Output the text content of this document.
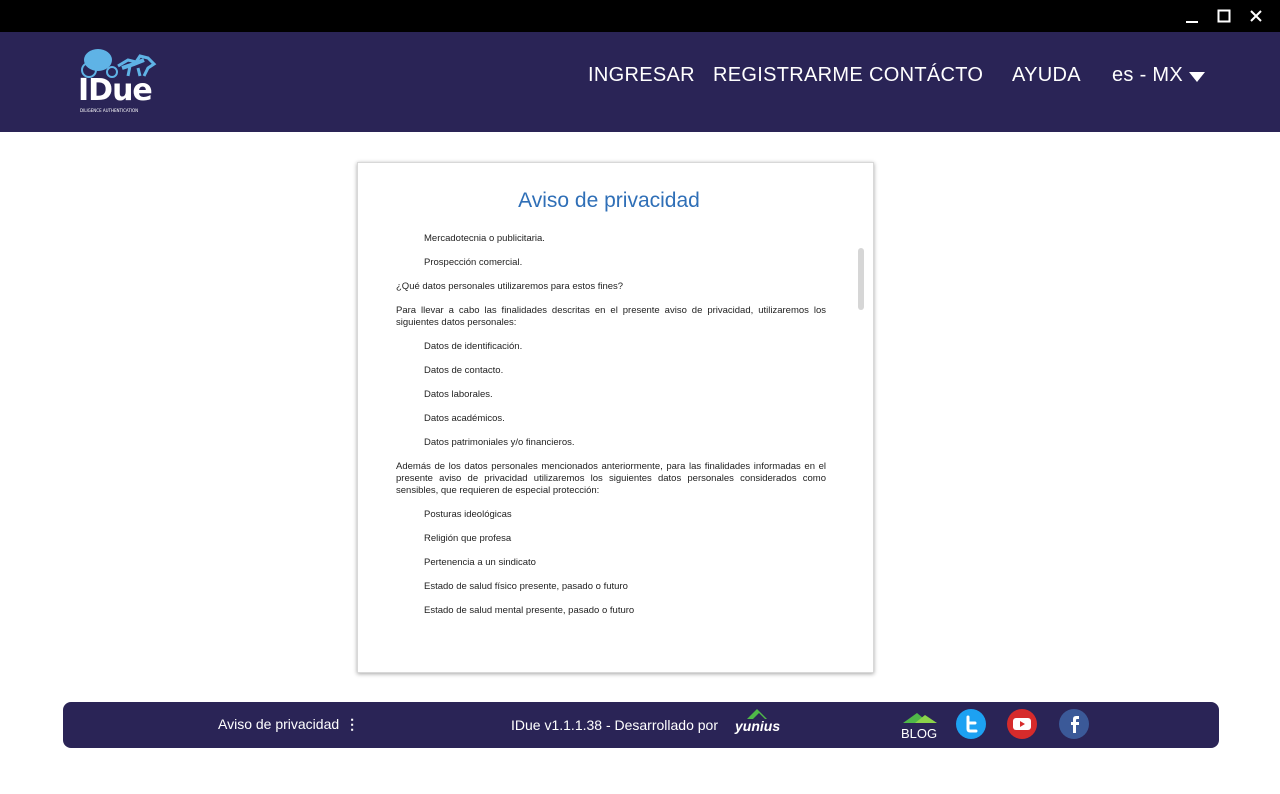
IDue
DILIGENCE AUTHENTICATION
INGRESAR REGISTRARME CONTÁCTO AYUDA es - MX
Aviso de privacidad
Mercadotecnia o publicitaria.
Prospección comercial.
¿Qué datos personales utilizaremos para estos fines?
Para llevar a cabo las finalidades descritas en el presente aviso de privacidad, utilizaremos los siguientes datos personales:
Datos de identificación.
Datos de contacto.
Datos laborales.
Datos académicos.
Datos patrimoniales y/o financieros.
Además de los datos personales mencionados anteriormente, para las finalidades informadas en el presente aviso de privacidad utilizaremos los siguientes datos personales considerados como sensibles, que requieren de especial protección:
Posturas ideológicas
Religión que profesa
Pertenencia a un sindicato
Estado de salud físico presente, pasado o futuro
Estado de salud mental presente, pasado o futuro
Aviso de privacidad ⋮	IDue v1.1.1.38 - Desarrollado por yunius	BLOG
